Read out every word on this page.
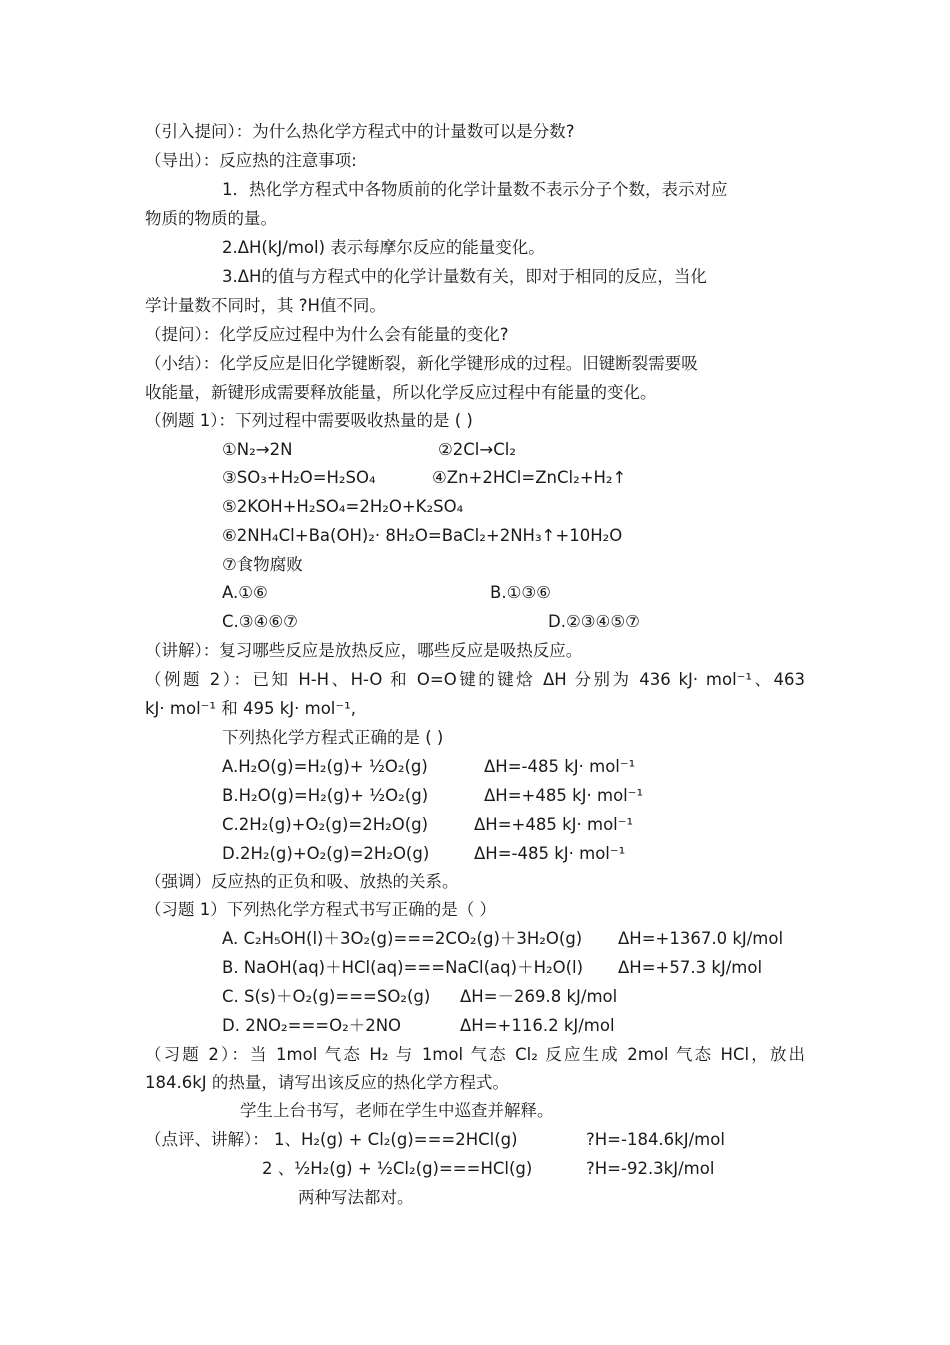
（引入提问）：为什么热化学方程式中的计量数可以是分数?
（导出）：反应热的注意事项:
1．热化学方程式中各物质前的化学计量数不表示分子个数，表示对应
物质的物质的量。
2.ΔH(kJ/mol) 表示每摩尔反应的能量变化。
3.ΔH的值与方程式中的化学计量数有关，即对于相同的反应，当化
学计量数不同时，其 ?H值不同。
（提问）：化学反应过程中为什么会有能量的变化?
（小结）：化学反应是旧化学键断裂，新化学键形成的过程。旧键断裂需要吸
收能量，新键形成需要释放能量，所以化学反应过程中有能量的变化。
（例题 1）：下列过程中需要吸收热量的是 ( )
①N₂→2N	②2Cl→Cl₂
③SO₃+H₂O=H₂SO₄	④Zn+2HCl=ZnCl₂+H₂↑
⑤2KOH+H₂SO₄=2H₂O+K₂SO₄
⑥2NH₄Cl+Ba(OH)₂· 8H₂O=BaCl₂+2NH₃↑+10H₂O
⑦食物腐败
A.①⑥	B.①③⑥
C.③④⑥⑦	D.②③④⑤⑦
（讲解）：复习哪些反应是放热反应，哪些反应是吸热反应。
（例题 2）：已知 H-H、H-O 和 O=O键的键焓 ΔH 分别为 436 kJ· mol⁻¹、463
kJ· mol⁻¹ 和 495 kJ· mol⁻¹,
下列热化学方程式正确的是 ( )
A.H₂O(g)=H₂(g)+ ½O₂(g)	ΔH=-485 kJ· mol⁻¹
B.H₂O(g)=H₂(g)+ ½O₂(g)	ΔH=+485 kJ· mol⁻¹
C.2H₂(g)+O₂(g)=2H₂O(g)	ΔH=+485 kJ· mol⁻¹
D.2H₂(g)+O₂(g)=2H₂O(g)	ΔH=-485 kJ· mol⁻¹
（强调）反应热的正负和吸、放热的关系。
（习题 1）下列热化学方程式书写正确的是（ ）
A. C₂H₅OH(l)＋3O₂(g)===2CO₂(g)＋3H₂O(g) ΔH=+1367.0 kJ/mol
B. NaOH(aq)＋HCl(aq)===NaCl(aq)＋H₂O(l) ΔH=+57.3 kJ/mol
C. S(s)＋O₂(g)===SO₂(g) ΔH=－269.8 kJ/mol
D. 2NO₂===O₂＋2NO	ΔH=+116.2 kJ/mol
（习题 2）：当 1mol 气态 H₂ 与 1mol 气态 Cl₂ 反应生成 2mol 气态 HCl，放出
184.6kJ 的热量，请写出该反应的热化学方程式。
学生上台书写，老师在学生中巡查并解释。
（点评、讲解）： 1、H₂(g) + Cl₂(g)===2HCl(g)	?H=-184.6kJ/mol
2 、½H₂(g) + ½Cl₂(g)===HCl(g)	?H=-92.3kJ/mol
两种写法都对。
